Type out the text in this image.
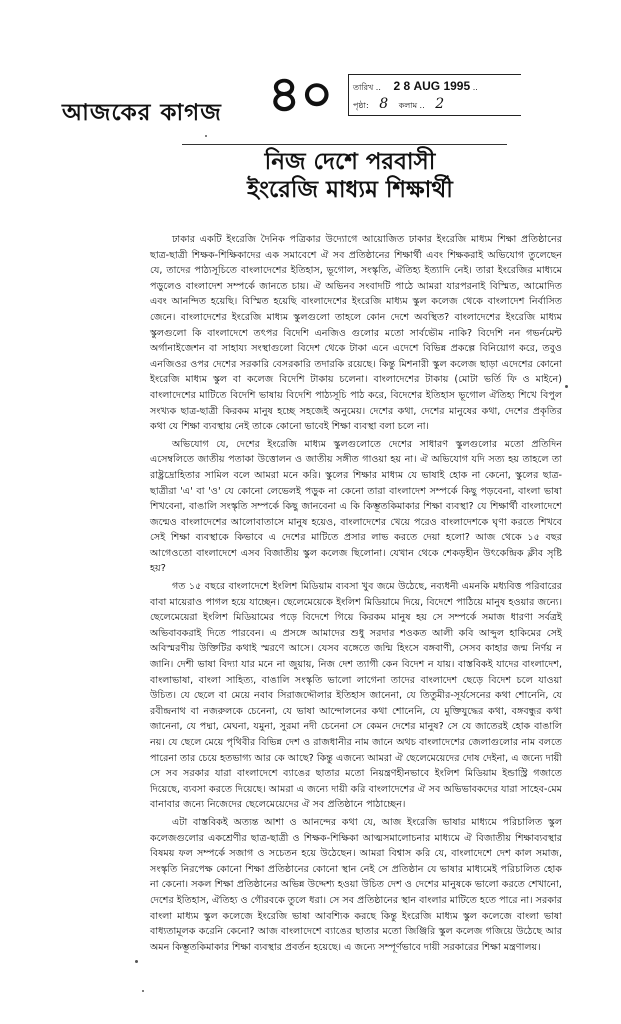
আজকের কাগজ ৪০	তারিখ .. 2 8 AUG 1995 ..
পৃষ্ঠা: 8 কলাম .. 2
নিজ দেশে পরবাসী
ইংরেজি মাধ্যম শিক্ষার্থী

ঢাকার একটি ইংরেজি দৈনিক পত্রিকার উদ্যোগে আয়োজিত ঢাকার ইংরেজি মাধ্যম শিক্ষা প্রতিষ্ঠানের ছাত্র-ছাত্রী শিক্ষক-শিক্ষিকাদের এক সমাবেশে ঐ সব প্রতিষ্ঠানের শিক্ষার্থী এবং শিক্ষকরাই অভিযোগ তুলেছেন যে, তাদের পাঠ্যসূচিতে বাংলাদেশের ইতিহাস, ভূগোল, সংস্কৃতি, ঐতিহ্য ইত্যাদি নেই। তারা ইংরেজির মাধ্যমে পড়ুলেও বাংলাদেশ সম্পর্কে জানতে চায়। ঐ অভিনব সংবাদটি পাঠে আমরা যারপরনাই বিস্মিত, আমোদিত এবং আনন্দিত হয়েছি। বিস্মিত হয়েছি বাংলাদেশের ইংরেজি মাধ্যম স্কুল কলেজ থেকে বাংলাদেশ নির্বাসিত জেনে। বাংলাদেশের ইংরেজি মাধ্যম স্কুলগুলো তাহলে কোন দেশে অবস্থিত? বাংলাদেশের ইংরেজি মাধ্যম স্কুলগুলো কি বাংলাদেশে তৎপর বিদেশি এনজিও গুলোর মতো সার্বভৌম নাকি? বিদেশি নন গভর্নমেন্ট অর্গানাইজেশন বা সাহায্য সংস্থাগুলো বিদেশ থেকে টাকা এনে এদেশে বিভিন্ন প্রকল্পে বিনিয়োগ করে, তবুও এনজিওর ওপর দেশের সরকারি বেসরকারি তদারকি রয়েছে। কিন্তু মিশনারী স্কুল কলেজ ছাড়া এদেশের কোনো ইংরেজি মাধ্যম স্কুল বা কলেজ বিদেশি টাকায় চলেনা। বাংলাদেশের টাকায় (মোটা ভর্তি ফি ও মাইনে) বাংলাদেশের মাটিতে বিদেশি ভাষায় বিদেশি পাঠ্যসূচি পাঠ করে, বিদেশের ইতিহাস ভূগোল ঐতিহ্য শিখে বিপুল সংখ্যক ছাত্র-ছাত্রী কিরকম মানুষ হচ্ছে সহজেই অনুমেয়। দেশের কথা, দেশের মানুষের কথা, দেশের প্রকৃতির কথা যে শিক্ষা ব্যবস্থায় নেই তাকে কোনো ভাবেই শিক্ষা ব্যবস্থা বলা চলে না।

অভিযোগ যে, দেশের ইংরেজি মাধ্যম স্কুলগুলোতে দেশের সাধারণ স্কুলগুলোর মতো প্রতিদিন এসেম্বলিতে জাতীয় পতাকা উত্তোলন ও জাতীয় সঙ্গীত গাওয়া হয় না। ঐ অভিযোগ যদি সত্য হয় তাহলে তা রাষ্ট্রদ্রোহিতার সামিল বলে আমরা মনে করি। স্কুলের শিক্ষার মাধ্যম যে ভাষাই হোক না কেনো, স্কুলের ছাত্র-ছাত্রীরা 'এ' বা 'ও' যে কোনো লেভেলই পড়ুক না কেনো তারা বাংলাদেশ সম্পর্কে কিছু পড়বেনা, বাংলা ভাষা শিখবেনা, বাঙালি সংস্কৃতি সম্পর্কে কিছু জানবেনা এ কি কিম্ভূতকিমাকার শিক্ষা ব্যবস্থা? যে শিক্ষার্থী বাংলাদেশে জন্মেও বাংলাদেশের আলোবাতাসে মানুষ হয়েও, বাংলাদেশের খেয়ে পরেও বাংলাদেশকে ঘৃণা করতে শিখবে সেই শিক্ষা ব্যবস্থাকে কিভাবে এ দেশের মাটিতে প্রসার লাভ করতে দেয়া হলো? আজ থেকে ১৫ বছর আগেওতো বাংলাদেশে এসব বিজাতীয় স্কুল কলেজ ছিলোনা। যেখান থেকে শেকড়হীন উৎকেন্দ্রিক ক্লীব সৃষ্টি হয়?

গত ১৫ বছরে বাংলাদেশে ইংলিশ মিডিয়াম ব্যবসা খুব জমে উঠেছে, নব্যধনী এমনকি মধ্যবিত্ত পরিবারের বাবা মায়েরাও পাগল হয়ে যাচ্ছেন। ছেলেমেয়েকে ইংলিশ মিডিয়ামে দিয়ে, বিদেশে পাঠিয়ে মানুষ হওয়ার জন্যে। ছেলেমেয়েরা ইংলিশ মিডিয়ামের পড়ে বিদেশে গিয়ে কিরকম মানুষ হয় সে সম্পর্কে সমাজ ধারণা সর্বত্রই অভিবাবকরাই দিতে পারবেন। এ প্রসঙ্গে আমাদের শুধু সরদার শওকত আলী কবি আব্দুল হাকিমের সেই অবিস্মরণীয় উক্তিটির কথাই স্মরণে আসে। যেসব বঙ্গেতে জন্মি হিংসে বঙ্গবাণী, সেসব কাহার জন্ম নির্ণয় ন জানি। দেশী ভাষা বিদ্যা যার মনে না জুয়ায়, নিজ দেশ ত্যাগী কেন বিদেশ ন যায়। বাস্তবিকই যাদের বাংলাদেশ, বাংলাভাষা, বাংলা সাহিত্য, বাঙালি সংস্কৃতি ভালো লাগেনা তাদের বাংলাদেশ ছেড়ে বিদেশ চলে যাওয়া উচিত। যে ছেলে বা মেয়ে নবাব সিরাজদ্দৌলার ইতিহাস জানেনা, যে তিতুমীর-সূর্যসেনের কথা শোনেনি, যে রবীন্দ্রনাথ বা নজরুলকে চেনেনা, যে ভাষা আন্দোলনের কথা শোনেনি, যে মুক্তিযুদ্ধের কথা, বঙ্গবন্ধুর কথা জানেনা, যে পদ্মা, মেঘনা, যমুনা, সুরমা নদী চেনেনা সে কেমন দেশের মানুষ? সে যে জাতেরই হোক বাঙালি নয়। যে ছেলে মেয়ে পৃথিবীর বিভিন্ন দেশ ও রাজধানীর নাম জানে অথচ বাংলাদেশের জেলাগুলোর নাম বলতে পারেনা তার চেয়ে হতভাগ্য আর কে আছে? কিন্তু এজন্যে আমরা ঐ ছেলেমেয়েদের দোষ দেইনা, এ জন্যে দায়ী সে সব সরকার যারা বাংলাদেশে ব্যাঙের ছাতার মতো নিয়ন্ত্রণহীনভাবে ইংলিশ মিডিয়াম ইন্ডাস্ট্রি গজাতে দিয়েছে, ব্যবসা করতে দিয়েছে। আমরা এ জন্যে দায়ী করি বাংলাদেশের ঐ সব অভিভাবকদের যারা সাহেব-মেম বানাবার জন্যে নিজেদের ছেলেমেয়েদের ঐ সব প্রতিষ্ঠানে পাঠাচ্ছেন।

এটা বাস্তবিকই অত্যন্ত আশা ও আনন্দের কথা যে, আজ ইংরেজি ভাষার মাধ্যমে পরিচালিত স্কুল কলেজগুলোর একশ্রেণীর ছাত্র-ছাত্রী ও শিক্ষক-শিক্ষিকা আত্মসমালোচনার মাধ্যমে ঐ বিজাতীয় শিক্ষাব্যবস্থার বিষময় ফল সম্পর্কে সজাগ ও সচেতন হয়ে উঠেছেন। আমরা বিশ্বাস করি যে, বাংলাদেশে দেশ কাল সমাজ, সংস্কৃতি নিরপেক্ষ কোনো শিক্ষা প্রতিষ্ঠানের কোনো স্থান নেই সে প্রতিষ্ঠান যে ভাষার মাধ্যমেই পরিচালিত হোক না কেনো। সকল শিক্ষা প্রতিষ্ঠানের অভিন্ন উদ্দেশ্য হওয়া উচিত দেশ ও দেশের মানুষকে ভালো করতে শেখানো, দেশের ইতিহাস, ঐতিহ্য ও গৌরবকে তুলে ধরা। সে সব প্রতিষ্ঠানের স্থান বাংলার মাটিতে হতে পারে না। সরকার বাংলা মাধ্যম স্কুল কলেজে ইংরেজি ভাষা আবশ্যিক করছে কিন্তু ইংরেজি মাধ্যম স্কুল কলেজে বাংলা ভাষা বাধ্যতামূলক করেনি কেনো? আজ বাংলাদেশে ব্যাঙের ছাতার মতো জিঞ্জিরি স্কুল কলেজ গজিয়ে উঠেছে আর অমন কিম্ভূতকিমাকার শিক্ষা ব্যবস্থার প্রবর্তন হয়েছে। এ জন্যে সম্পূর্ণভাবে দায়ী সরকারের শিক্ষা মন্ত্রণালয়।
